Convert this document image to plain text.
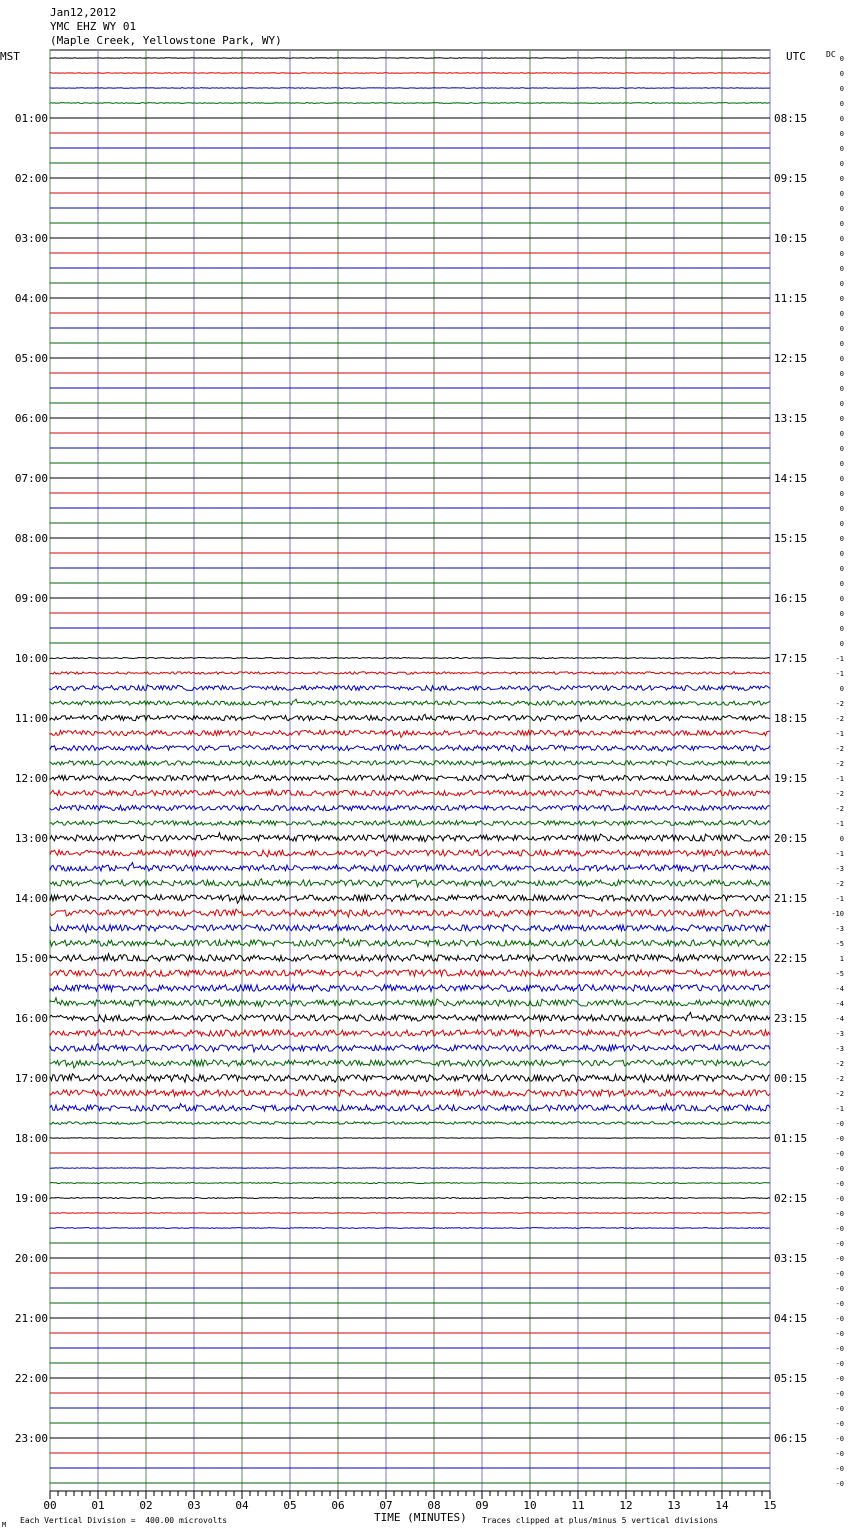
Jan12,2012
YMC EHZ WY 01
(Maple Creek, Yellowstone Park, WY)
MST	UTC	DC
01:00
02:00
03:00
04:00
05:00
06:00
07:00
08:00
09:00
10:00
11:00
12:00
13:00
14:00
15:00
16:00
17:00
18:00
19:00
20:00
21:00
22:00
23:00
08:15
09:15
10:15
11:15
12:15
13:15
14:15
15:15
16:15
17:15
18:15
19:15
20:15
21:15
22:15
23:15
00:15
01:15
02:15
03:15
04:15
05:15
06:15
0
0
0
0
0
0
0
0
0
0
0
0
0
0
0
0
0
0
0
0
0
0
0
0
0
0
0
0
0
0
0
0
0
0
0
0
0
0
0
0
-1
-1
0
-2
-2
-1
-2
-2
-1
-2
-2
-1
0
-1
-3
-2
-1
-10
-3
-5
1
-5
-4
-4
-4
-3
-3
-2
-2
-2
-1
-0
-0
-0
-0
-0
-0
-0
-0
-0
-0
-0
-0
-0
-0
-0
-0
-0
-0
-0
-0
-0
-0
-0
-0
-0
00	01	02	03	04	05	06	07	08	09	10	11	12	13	14	15
M Each Vertical Division =  400.00 microvolts	TIME (MINUTES) Traces clipped at plus/minus 5 vertical divisions
